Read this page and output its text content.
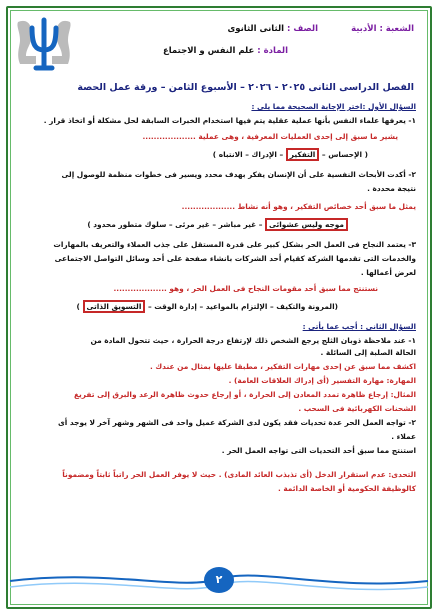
الشعبة : الأدبية
الصف : الثانى الثانوى
المادة : علم النفس و الاجتماع
الفصل الدراسى الثانى ٢٠٢٥ - ٢٠٢٦ – الأسبوع الثامن – ورقة عمل الحصة
السؤال الأول :اختر الإجابة الصحيحة مما يلى :
١- يعرفها علماء النفس بأنها عملية عقلية يتم فيها استخدام الخبرات السابقة لحل مشكلة أو اتخاذ قرار .
يشير ما سبق إلى إحدى العمليات المعرفية ، وهى عملية ...................
( الإحساس – التفكير – الإدراك – الانتباه )
٢- أكدت الأبحاث النفسية على أن الإنسان يفكر بهدف محدد ويسير فى خطوات منظمة للوصول إلى
نتيجة محددة .
يمثل ما سبق أحد خصائص التفكير ، وهو أنه نشاط ...................
موجه وليس عشوائى – غير مباشر – غير مرئى – سلوك متطور محدود )
٣- يعتمد النجاح فى العمل الحر بشكل كبير على قدرة المستقل على جذب العملاء والتعريف بالمهارات
والخدمات التى تقدمها الشركة كقيام أحد الشركات بانشاء صفحة على أحد وسائل التواصل الاجتماعى
لعرض أعمالها .
نستنتج مما سبق أحد مقومات النجاح فى العمل الحر ، وهو ...................
(المرونة والتكيف – الإلتزام بالمواعيد – إدارة الوقت – التسويق الذاتى )
السؤال الثانى : أجب عما يأتى :
١- عند ملاحظة ذوبان الثلج يرجع الشخص ذلك لإرتفاع درجة الحرارة ، حيث تتحول المادة من
الحالة الصلبة إلى السائلة .
اكشف مما سبق عن إحدى مهارات التفكير ، مطبقا عليها بمثال من عندك .
المهارة: مهارة التفسير (أى إدراك العلاقات العامة) .
المثال: إرجاع ظاهرة تمدد المعادن إلى الحرارة ، أو إرجاع حدوث ظاهرة الرعد والبرق إلى تفريغ
الشحنات الكهربائية فى السحب .
٢- تواجه العمل الحر عدة تحديات فقد يكون لدى الشركة عميل واحد فى الشهر وشهر آخر لا يوجد أى
عملاء .
استنتج مما سبق أحد التحديات التى تواجه العمل الحر .
التحدى: عدم استقرار الدخل (أى تذبذب العائد المادى) . حيث لا يوفر العمل الحر راتباً ثابتاً ومضموناً
كالوظيفة الحكومية أو الخاصة الدائمة .
٢
